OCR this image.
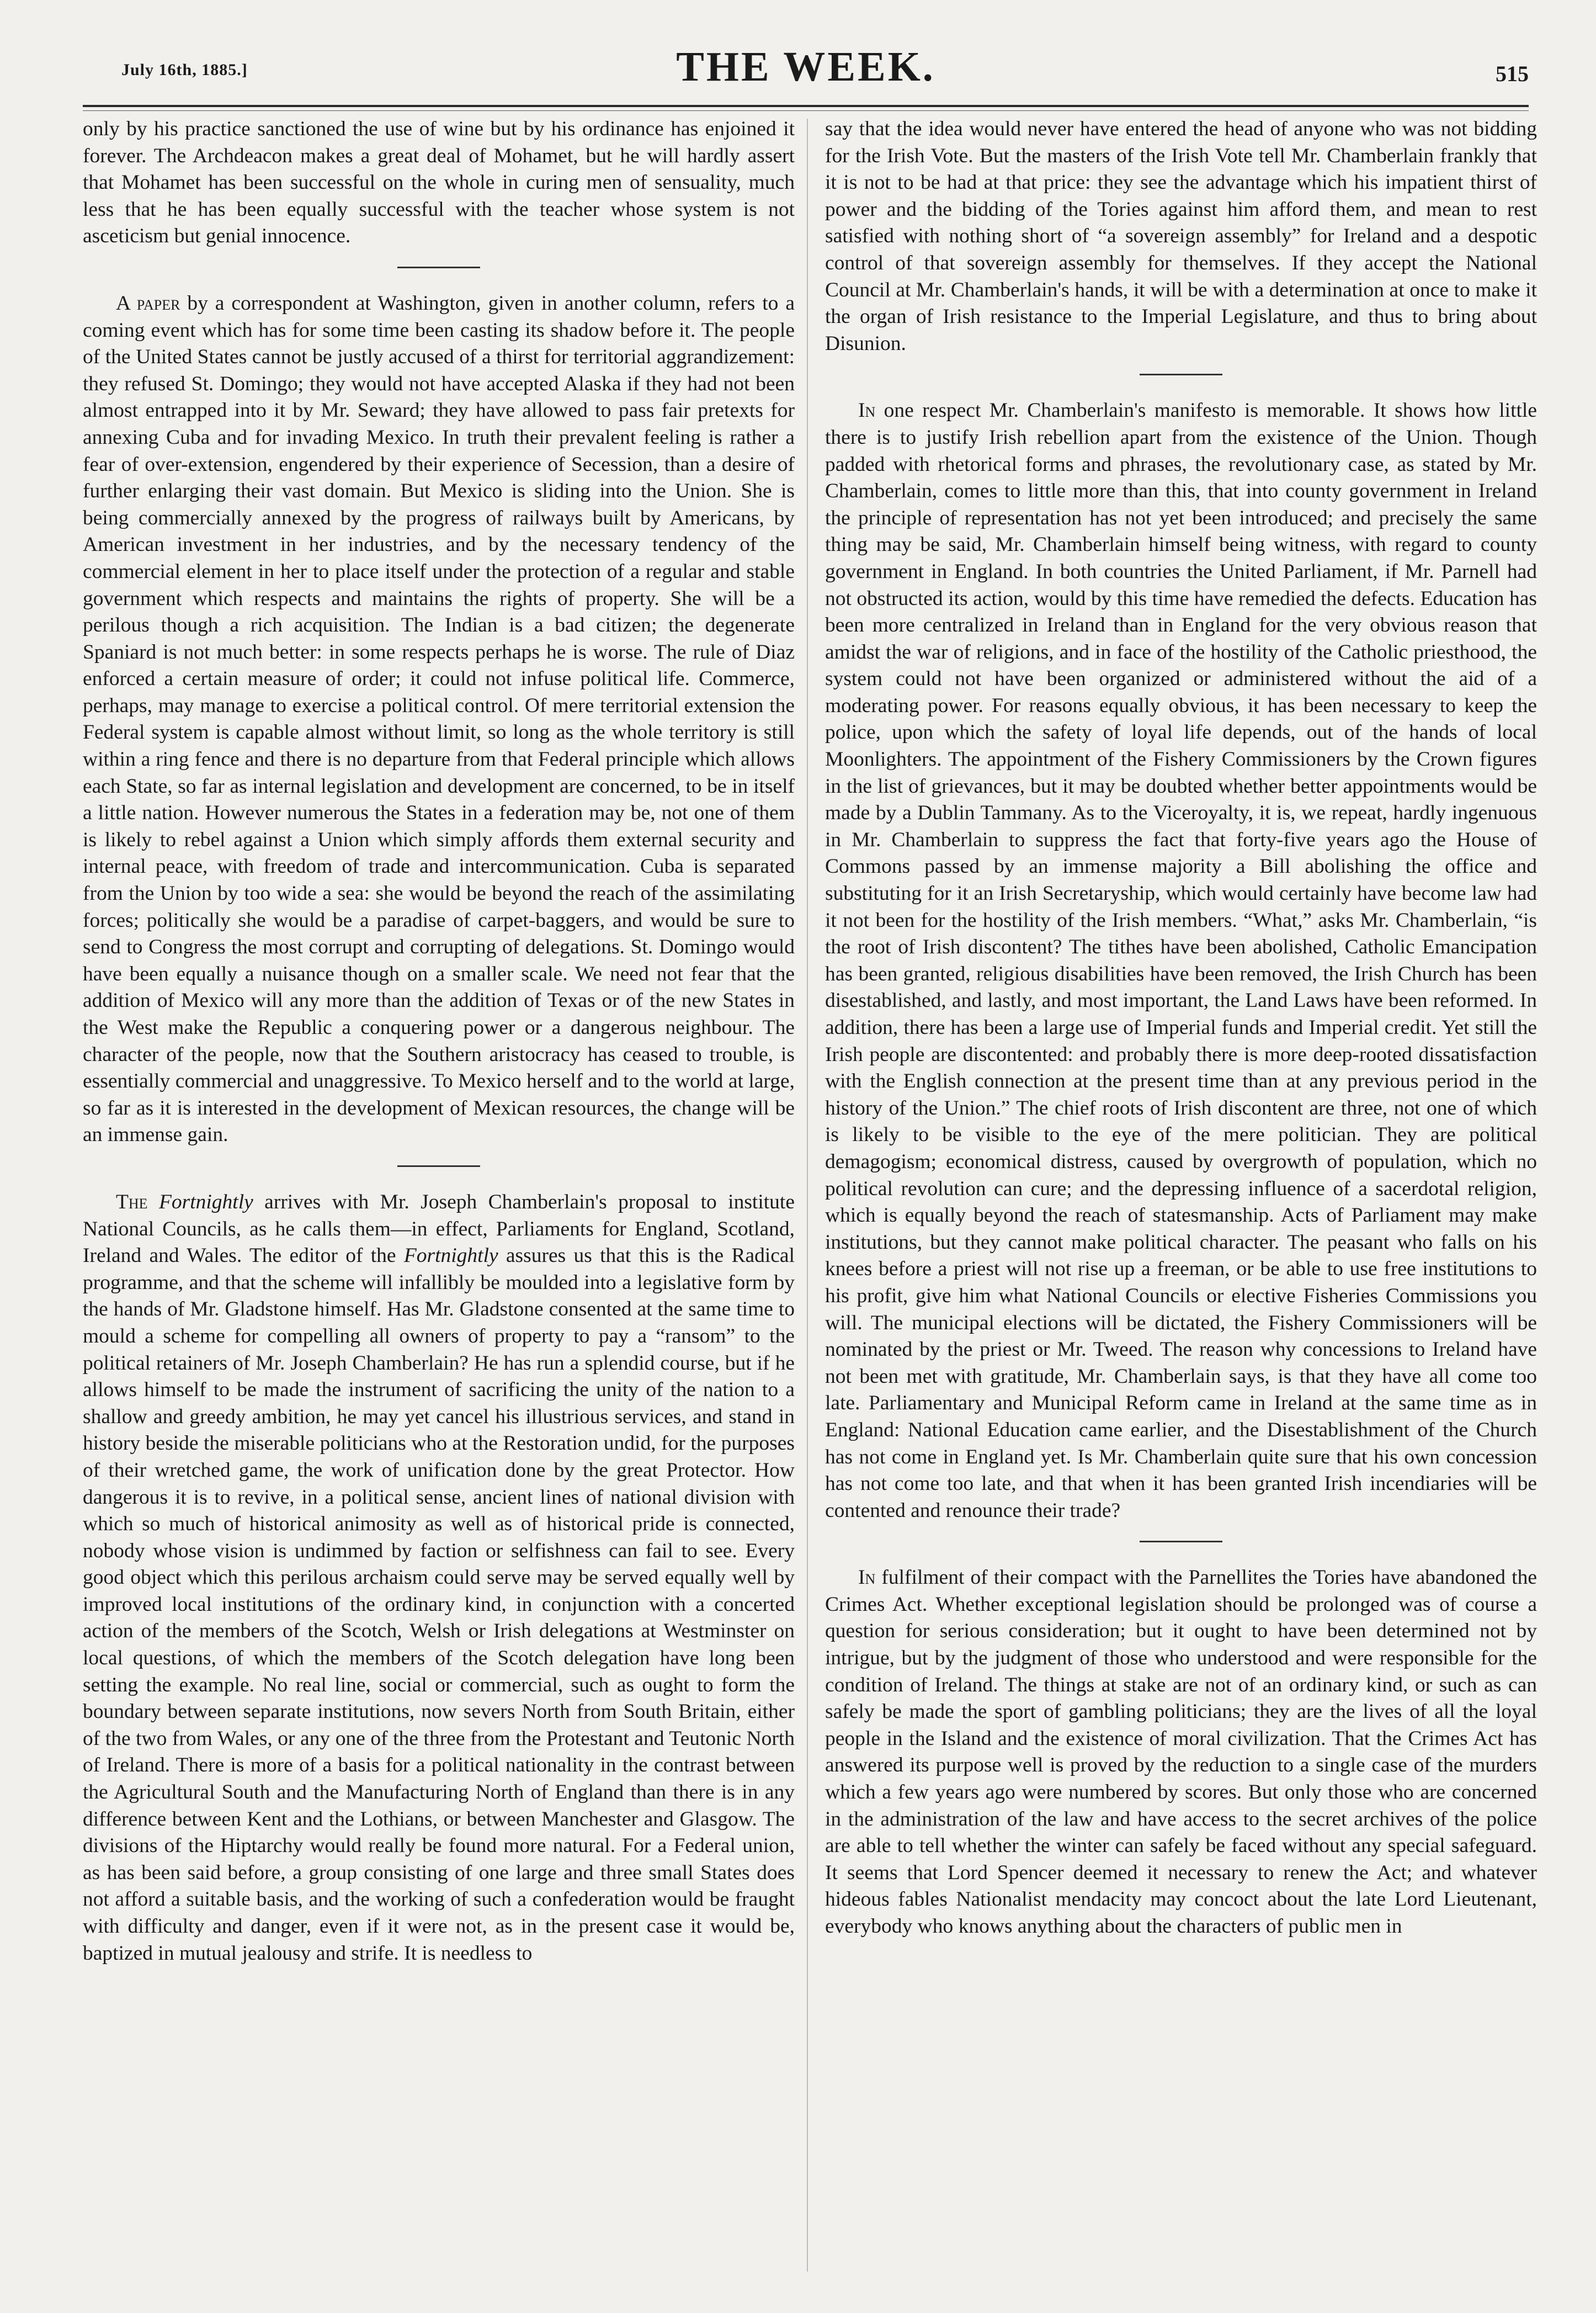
July 16th, 1885.]	THE WEEK.	515

only by his practice sanctioned the use of wine but by his ordinance has enjoined it forever. The Archdeacon makes a great deal of Mohamet, but he will hardly assert that Mohamet has been successful on the whole in curing men of sensuality, much less that he has been equally successful with the teacher whose system is not asceticism but genial innocence.

A paper by a correspondent at Washington, given in another column, refers to a coming event which has for some time been casting its shadow before it. The people of the United States cannot be justly accused of a thirst for territorial aggrandizement: they refused St. Domingo; they would not have accepted Alaska if they had not been almost entrapped into it by Mr. Seward; they have allowed to pass fair pretexts for annexing Cuba and for invading Mexico. In truth their prevalent feeling is rather a fear of over-extension, engendered by their experience of Secession, than a desire of further enlarging their vast domain. But Mexico is sliding into the Union. She is being commercially annexed by the progress of railways built by Americans, by American investment in her industries, and by the necessary tendency of the commercial element in her to place itself under the protection of a regular and stable government which respects and maintains the rights of property. She will be a perilous though a rich acquisition. The Indian is a bad citizen; the degenerate Spaniard is not much better: in some respects perhaps he is worse. The rule of Diaz enforced a certain measure of order; it could not infuse political life. Commerce, perhaps, may manage to exercise a political control. Of mere territorial extension the Federal system is capable almost without limit, so long as the whole territory is still within a ring fence and there is no departure from that Federal principle which allows each State, so far as internal legislation and development are concerned, to be in itself a little nation. However numerous the States in a federation may be, not one of them is likely to rebel against a Union which simply affords them external security and internal peace, with freedom of trade and intercommunication. Cuba is separated from the Union by too wide a sea: she would be beyond the reach of the assimilating forces; politically she would be a paradise of carpet-baggers, and would be sure to send to Congress the most corrupt and corrupting of delegations. St. Domingo would have been equally a nuisance though on a smaller scale. We need not fear that the addition of Mexico will any more than the addition of Texas or of the new States in the West make the Republic a conquering power or a dangerous neighbour. The character of the people, now that the Southern aristocracy has ceased to trouble, is essentially commercial and unaggressive. To Mexico herself and to the world at large, so far as it is interested in the development of Mexican resources, the change will be an immense gain.

The Fortnightly arrives with Mr. Joseph Chamberlain's proposal to institute National Councils, as he calls them—in effect, Parliaments for England, Scotland, Ireland and Wales. The editor of the Fortnightly assures us that this is the Radical programme, and that the scheme will infallibly be moulded into a legislative form by the hands of Mr. Gladstone himself. Has Mr. Gladstone consented at the same time to mould a scheme for compelling all owners of property to pay a “ransom” to the political retainers of Mr. Joseph Chamberlain? He has run a splendid course, but if he allows himself to be made the instrument of sacrificing the unity of the nation to a shallow and greedy ambition, he may yet cancel his illustrious services, and stand in history beside the miserable politicians who at the Restoration undid, for the purposes of their wretched game, the work of unification done by the great Protector. How dangerous it is to revive, in a political sense, ancient lines of national division with which so much of historical animosity as well as of historical pride is connected, nobody whose vision is undimmed by faction or selfishness can fail to see. Every good object which this perilous archaism could serve may be served equally well by improved local institutions of the ordinary kind, in conjunction with a concerted action of the members of the Scotch, Welsh or Irish delegations at Westminster on local questions, of which the members of the Scotch delegation have long been setting the example. No real line, social or commercial, such as ought to form the boundary between separate institutions, now severs North from South Britain, either of the two from Wales, or any one of the three from the Protestant and Teutonic North of Ireland. There is more of a basis for a political nationality in the contrast between the Agricultural South and the Manufacturing North of England than there is in any difference between Kent and the Lothians, or between Manchester and Glasgow. The divisions of the Hiptarchy would really be found more natural. For a Federal union, as has been said before, a group consisting of one large and three small States does not afford a suitable basis, and the working of such a confederation would be fraught with difficulty and danger, even if it were not, as in the present case it would be, baptized in mutual jealousy and strife. It is needless to

say that the idea would never have entered the head of anyone who was not bidding for the Irish Vote. But the masters of the Irish Vote tell Mr. Chamberlain frankly that it is not to be had at that price: they see the advantage which his impatient thirst of power and the bidding of the Tories against him afford them, and mean to rest satisfied with nothing short of “a sovereign assembly” for Ireland and a despotic control of that sovereign assembly for themselves. If they accept the National Council at Mr. Chamberlain's hands, it will be with a determination at once to make it the organ of Irish resistance to the Imperial Legislature, and thus to bring about Disunion.

In one respect Mr. Chamberlain's manifesto is memorable. It shows how little there is to justify Irish rebellion apart from the existence of the Union. Though padded with rhetorical forms and phrases, the revolutionary case, as stated by Mr. Chamberlain, comes to little more than this, that into county government in Ireland the principle of representation has not yet been introduced; and precisely the same thing may be said, Mr. Chamberlain himself being witness, with regard to county government in England. In both countries the United Parliament, if Mr. Parnell had not obstructed its action, would by this time have remedied the defects. Education has been more centralized in Ireland than in England for the very obvious reason that amidst the war of religions, and in face of the hostility of the Catholic priesthood, the system could not have been organized or administered without the aid of a moderating power. For reasons equally obvious, it has been necessary to keep the police, upon which the safety of loyal life depends, out of the hands of local Moonlighters. The appointment of the Fishery Commissioners by the Crown figures in the list of grievances, but it may be doubted whether better appointments would be made by a Dublin Tammany. As to the Viceroyalty, it is, we repeat, hardly ingenuous in Mr. Chamberlain to suppress the fact that forty-five years ago the House of Commons passed by an immense majority a Bill abolishing the office and substituting for it an Irish Secretaryship, which would certainly have become law had it not been for the hostility of the Irish members. “What,” asks Mr. Chamberlain, “is the root of Irish discontent? The tithes have been abolished, Catholic Emancipation has been granted, religious disabilities have been removed, the Irish Church has been disestablished, and lastly, and most important, the Land Laws have been reformed. In addition, there has been a large use of Imperial funds and Imperial credit. Yet still the Irish people are discontented: and probably there is more deep-rooted dissatisfaction with the English connection at the present time than at any previous period in the history of the Union.” The chief roots of Irish discontent are three, not one of which is likely to be visible to the eye of the mere politician. They are political demagogism; economical distress, caused by overgrowth of population, which no political revolution can cure; and the depressing influence of a sacerdotal religion, which is equally beyond the reach of statesmanship. Acts of Parliament may make institutions, but they cannot make political character. The peasant who falls on his knees before a priest will not rise up a freeman, or be able to use free institutions to his profit, give him what National Councils or elective Fisheries Commissions you will. The municipal elections will be dictated, the Fishery Commissioners will be nominated by the priest or Mr. Tweed. The reason why concessions to Ireland have not been met with gratitude, Mr. Chamberlain says, is that they have all come too late. Parliamentary and Municipal Reform came in Ireland at the same time as in England: National Education came earlier, and the Disestablishment of the Church has not come in England yet. Is Mr. Chamberlain quite sure that his own concession has not come too late, and that when it has been granted Irish incendiaries will be contented and renounce their trade?

In fulfilment of their compact with the Parnellites the Tories have abandoned the Crimes Act. Whether exceptional legislation should be prolonged was of course a question for serious consideration; but it ought to have been determined not by intrigue, but by the judgment of those who understood and were responsible for the condition of Ireland. The things at stake are not of an ordinary kind, or such as can safely be made the sport of gambling politicians; they are the lives of all the loyal people in the Island and the existence of moral civilization. That the Crimes Act has answered its purpose well is proved by the reduction to a single case of the murders which a few years ago were numbered by scores. But only those who are concerned in the administration of the law and have access to the secret archives of the police are able to tell whether the winter can safely be faced without any special safeguard. It seems that Lord Spencer deemed it necessary to renew the Act; and whatever hideous fables Nationalist mendacity may concoct about the late Lord Lieutenant, everybody who knows anything about the characters of public men in
